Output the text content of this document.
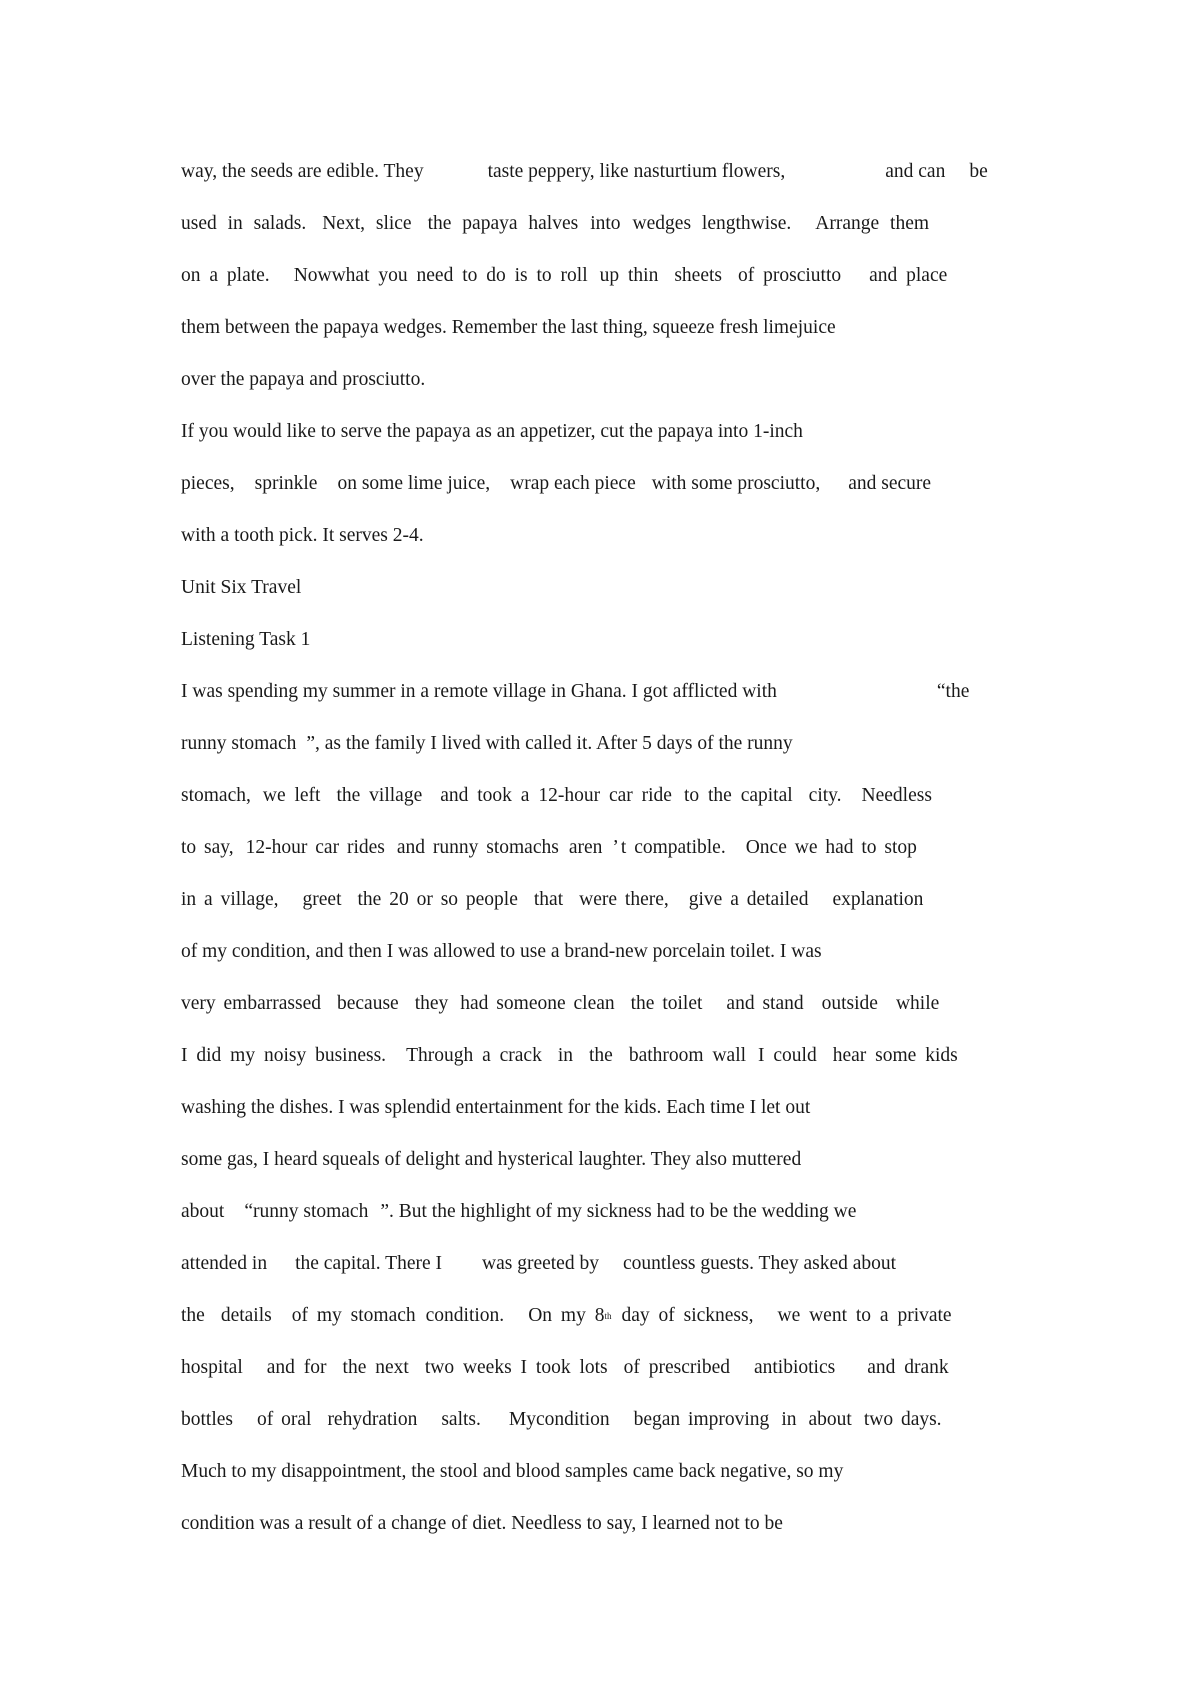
way, the seeds are edible. They	taste peppery, like nasturtium flowers,	and can be
used in salads. Next, slice the papaya halves into wedges lengthwise. Arrange them
on a plate. Nowwhat you need to do is to roll up thin sheets of prosciutto and place
them between the papaya wedges. Remember the last thing, squeeze fresh limejuice
over the papaya and prosciutto.
If you would like to serve the papaya as an appetizer, cut the papaya into 1-inch
pieces, sprinkle on some lime juice, wrap each piece with some prosciutto, and secure
with a tooth pick. It serves 2-4.
Unit Six Travel
Listening Task 1
I was spending my summer in a remote village in Ghana. I got afflicted with	“the
runny stomach ”, as the family I lived with called it. After 5 days of the runny
stomach, we left the village and took a 12-hour car ride to the capital city. Needless
to say, 12-hour car rides and runny stomachs aren ’ t compatible. Once we had to stop
in a village, greet the 20 or so people that were there, give a detailed explanation
of my condition, and then I was allowed to use a brand-new porcelain toilet. I was
very embarrassed because they had someone clean the toilet and stand outside while
I did my noisy business. Through a crack in the bathroom wall I could hear some kids
washing the dishes. I was splendid entertainment for the kids. Each time I let out
some gas, I heard squeals of delight and hysterical laughter. They also muttered
about “runny stomach ”. But the highlight of my sickness had to be the wedding we
attended in the capital. There I was greeted by countless guests. They asked about
the details of my stomach condition. On my 8th day of sickness, we went to a private
hospital and for the next two weeks I took lots of prescribed antibiotics and drank
bottles of oral rehydration salts. Mycondition began improving in about two days.
Much to my disappointment, the stool and blood samples came back negative, so my
condition was a result of a change of diet. Needless to say, I learned not to be
